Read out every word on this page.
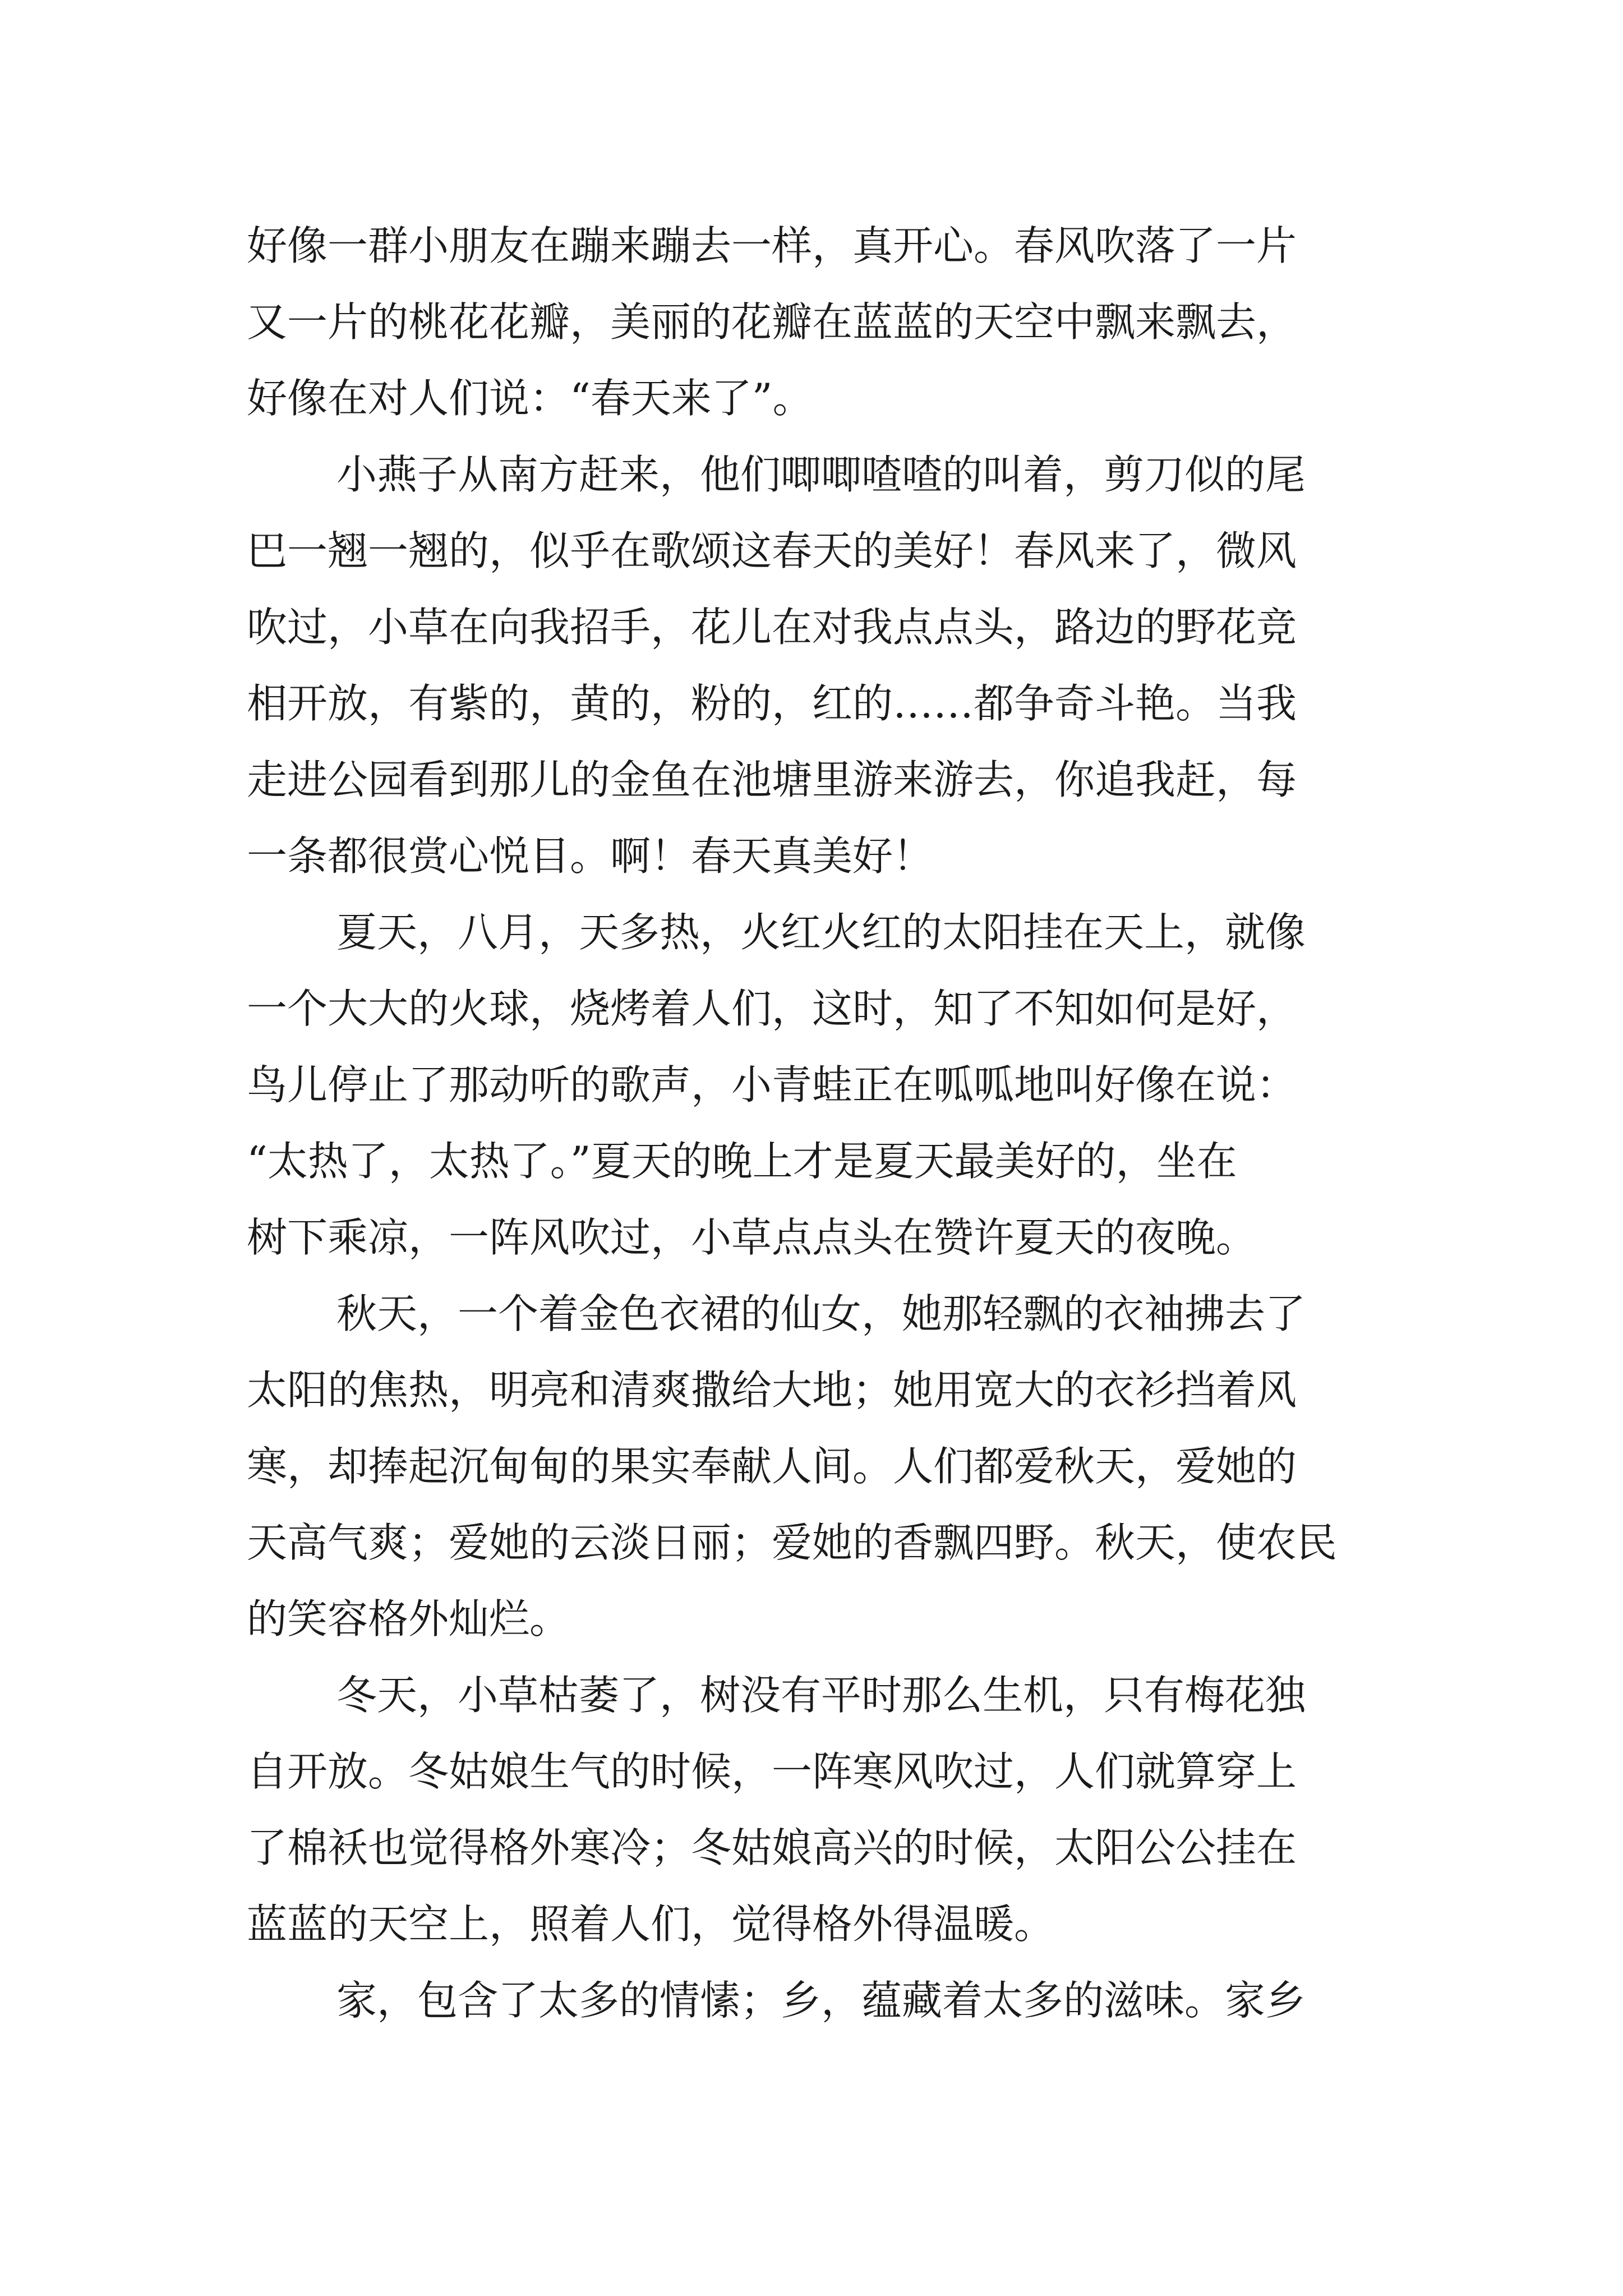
好像一群小朋友在蹦来蹦去一样，真开心。春风吹落了一片
又一片的桃花花瓣，美丽的花瓣在蓝蓝的天空中飘来飘去，
好像在对人们说：“春天来了”。
小燕子从南方赶来，他们唧唧喳喳的叫着，剪刀似的尾
巴一翘一翘的，似乎在歌颂这春天的美好！春风来了，微风
吹过，小草在向我招手，花儿在对我点点头，路边的野花竞
相开放，有紫的，黄的，粉的，红的……都争奇斗艳。当我
走进公园看到那儿的金鱼在池塘里游来游去，你追我赶，每
一条都很赏心悦目。啊！春天真美好！
夏天，八月，天多热，火红火红的太阳挂在天上，就像
一个大大的火球，烧烤着人们，这时，知了不知如何是好，
鸟儿停止了那动听的歌声，小青蛙正在呱呱地叫好像在说：
“太热了，太热了。”夏天的晚上才是夏天最美好的，坐在
树下乘凉，一阵风吹过，小草点点头在赞许夏天的夜晚。
秋天，一个着金色衣裙的仙女，她那轻飘的衣袖拂去了
太阳的焦热，明亮和清爽撒给大地；她用宽大的衣衫挡着风
寒，却捧起沉甸甸的果实奉献人间。人们都爱秋天，爱她的
天高气爽；爱她的云淡日丽；爱她的香飘四野。秋天，使农民
的笑容格外灿烂。
冬天，小草枯萎了，树没有平时那么生机，只有梅花独
自开放。冬姑娘生气的时候，一阵寒风吹过，人们就算穿上
了棉袄也觉得格外寒冷；冬姑娘高兴的时候，太阳公公挂在
蓝蓝的天空上，照着人们，觉得格外得温暖。
家，包含了太多的情愫；乡，蕴藏着太多的滋味。家乡
